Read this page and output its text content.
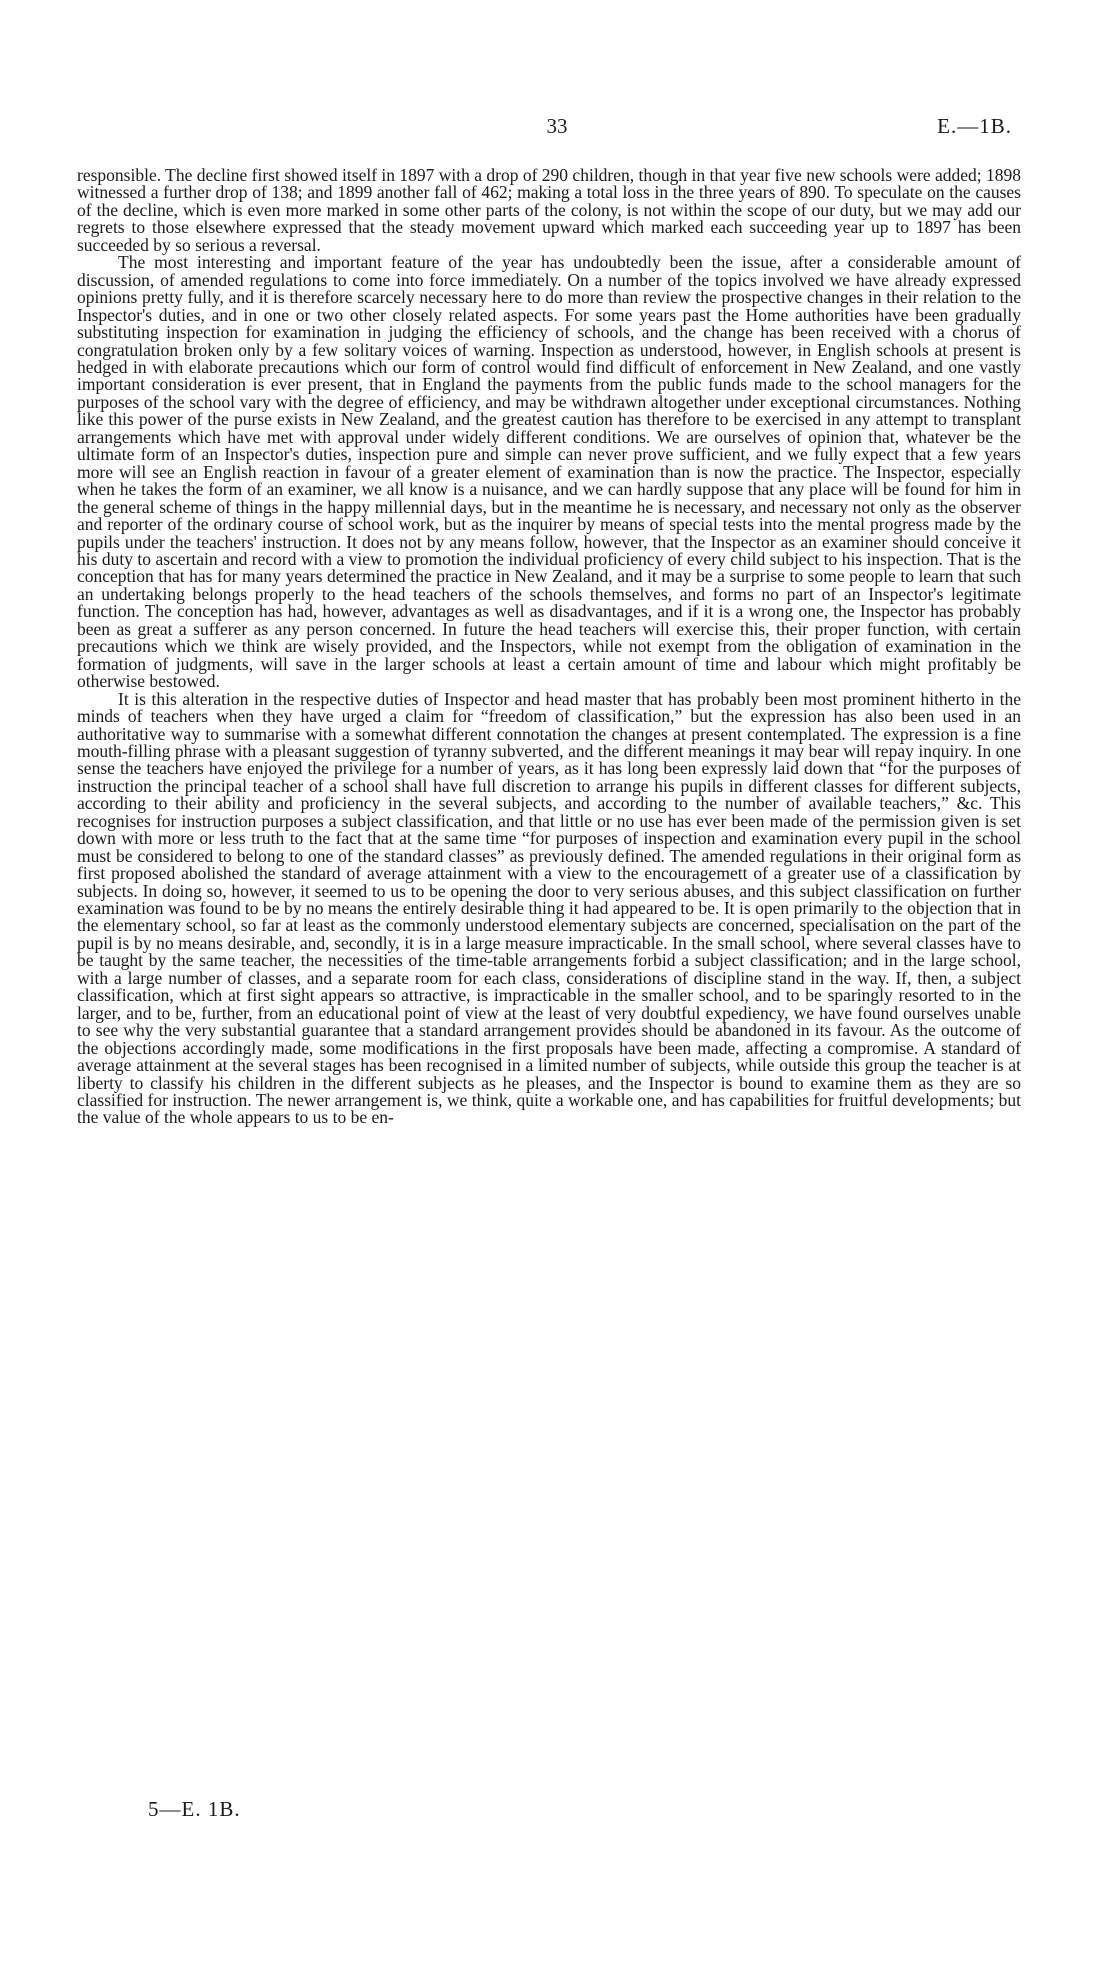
33	E.—1B.

responsible. The decline first showed itself in 1897 with a drop of 290 children, though in that year five new schools were added; 1898 witnessed a further drop of 138; and 1899 another fall of 462; making a total loss in the three years of 890. To speculate on the causes of the decline, which is even more marked in some other parts of the colony, is not within the scope of our duty, but we may add our regrets to those elsewhere expressed that the steady movement upward which marked each succeeding year up to 1897 has been succeeded by so serious a reversal.

The most interesting and important feature of the year has undoubtedly been the issue, after a considerable amount of discussion, of amended regulations to come into force immediately. On a number of the topics involved we have already expressed opinions pretty fully, and it is therefore scarcely necessary here to do more than review the prospective changes in their relation to the Inspector's duties, and in one or two other closely related aspects. For some years past the Home authorities have been gradually substituting inspection for examination in judging the efficiency of schools, and the change has been received with a chorus of congratulation broken only by a few solitary voices of warning. Inspection as understood, however, in English schools at present is hedged in with elaborate precautions which our form of control would find difficult of enforcement in New Zealand, and one vastly important consideration is ever present, that in England the payments from the public funds made to the school managers for the purposes of the school vary with the degree of efficiency, and may be withdrawn altogether under exceptional circumstances. Nothing like this power of the purse exists in New Zealand, and the greatest caution has therefore to be exercised in any attempt to transplant arrangements which have met with approval under widely different conditions. We are ourselves of opinion that, whatever be the ultimate form of an Inspector's duties, inspection pure and simple can never prove sufficient, and we fully expect that a few years more will see an English reaction in favour of a greater element of examination than is now the practice. The Inspector, especially when he takes the form of an examiner, we all know is a nuisance, and we can hardly suppose that any place will be found for him in the general scheme of things in the happy millennial days, but in the meantime he is necessary, and necessary not only as the observer and reporter of the ordinary course of school work, but as the inquirer by means of special tests into the mental progress made by the pupils under the teachers' instruction. It does not by any means follow, however, that the Inspector as an examiner should conceive it his duty to ascertain and record with a view to promotion the individual proficiency of every child subject to his inspection. That is the conception that has for many years determined the practice in New Zealand, and it may be a surprise to some people to learn that such an undertaking belongs properly to the head teachers of the schools themselves, and forms no part of an Inspector's legitimate function. The conception has had, however, advantages as well as disadvantages, and if it is a wrong one, the Inspector has probably been as great a sufferer as any person concerned. In future the head teachers will exercise this, their proper function, with certain precautions which we think are wisely provided, and the Inspectors, while not exempt from the obligation of examination in the formation of judgments, will save in the larger schools at least a certain amount of time and labour which might profitably be otherwise bestowed.

It is this alteration in the respective duties of Inspector and head master that has probably been most prominent hitherto in the minds of teachers when they have urged a claim for “freedom of classification,” but the expression has also been used in an authoritative way to summarise with a somewhat different connotation the changes at present contemplated. The expression is a fine mouth-filling phrase with a pleasant suggestion of tyranny subverted, and the different meanings it may bear will repay inquiry. In one sense the teachers have enjoyed the privilege for a number of years, as it has long been expressly laid down that “for the purposes of instruction the principal teacher of a school shall have full discretion to arrange his pupils in different classes for different subjects, according to their ability and proficiency in the several subjects, and according to the number of available teachers,” &c. This recognises for instruction purposes a subject classification, and that little or no use has ever been made of the permission given is set down with more or less truth to the fact that at the same time “for purposes of inspection and examination every pupil in the school must be considered to belong to one of the standard classes” as previously defined. The amended regulations in their original form as first proposed abolished the standard of average attainment with a view to the encouragemett of a greater use of a classification by subjects. In doing so, however, it seemed to us to be opening the door to very serious abuses, and this subject classification on further examination was found to be by no means the entirely desirable thing it had appeared to be. It is open primarily to the objection that in the elementary school, so far at least as the commonly understood elementary subjects are concerned, specialisation on the part of the pupil is by no means desirable, and, secondly, it is in a large measure impracticable. In the small school, where several classes have to be taught by the same teacher, the necessities of the time-table arrangements forbid a subject classification; and in the large school, with a large number of classes, and a separate room for each class, considerations of discipline stand in the way. If, then, a subject classification, which at first sight appears so attractive, is impracticable in the smaller school, and to be sparingly resorted to in the larger, and to be, further, from an educational point of view at the least of very doubtful expediency, we have found ourselves unable to see why the very substantial guarantee that a standard arrangement provides should be abandoned in its favour. As the outcome of the objections accordingly made, some modifications in the first proposals have been made, affecting a compromise. A standard of average attainment at the several stages has been recognised in a limited number of subjects, while outside this group the teacher is at liberty to classify his children in the different subjects as he pleases, and the Inspector is bound to examine them as they are so classified for instruction. The newer arrangement is, we think, quite a workable one, and has capabilities for fruitful developments; but the value of the whole appears to us to be en-

5—E. 1B.
